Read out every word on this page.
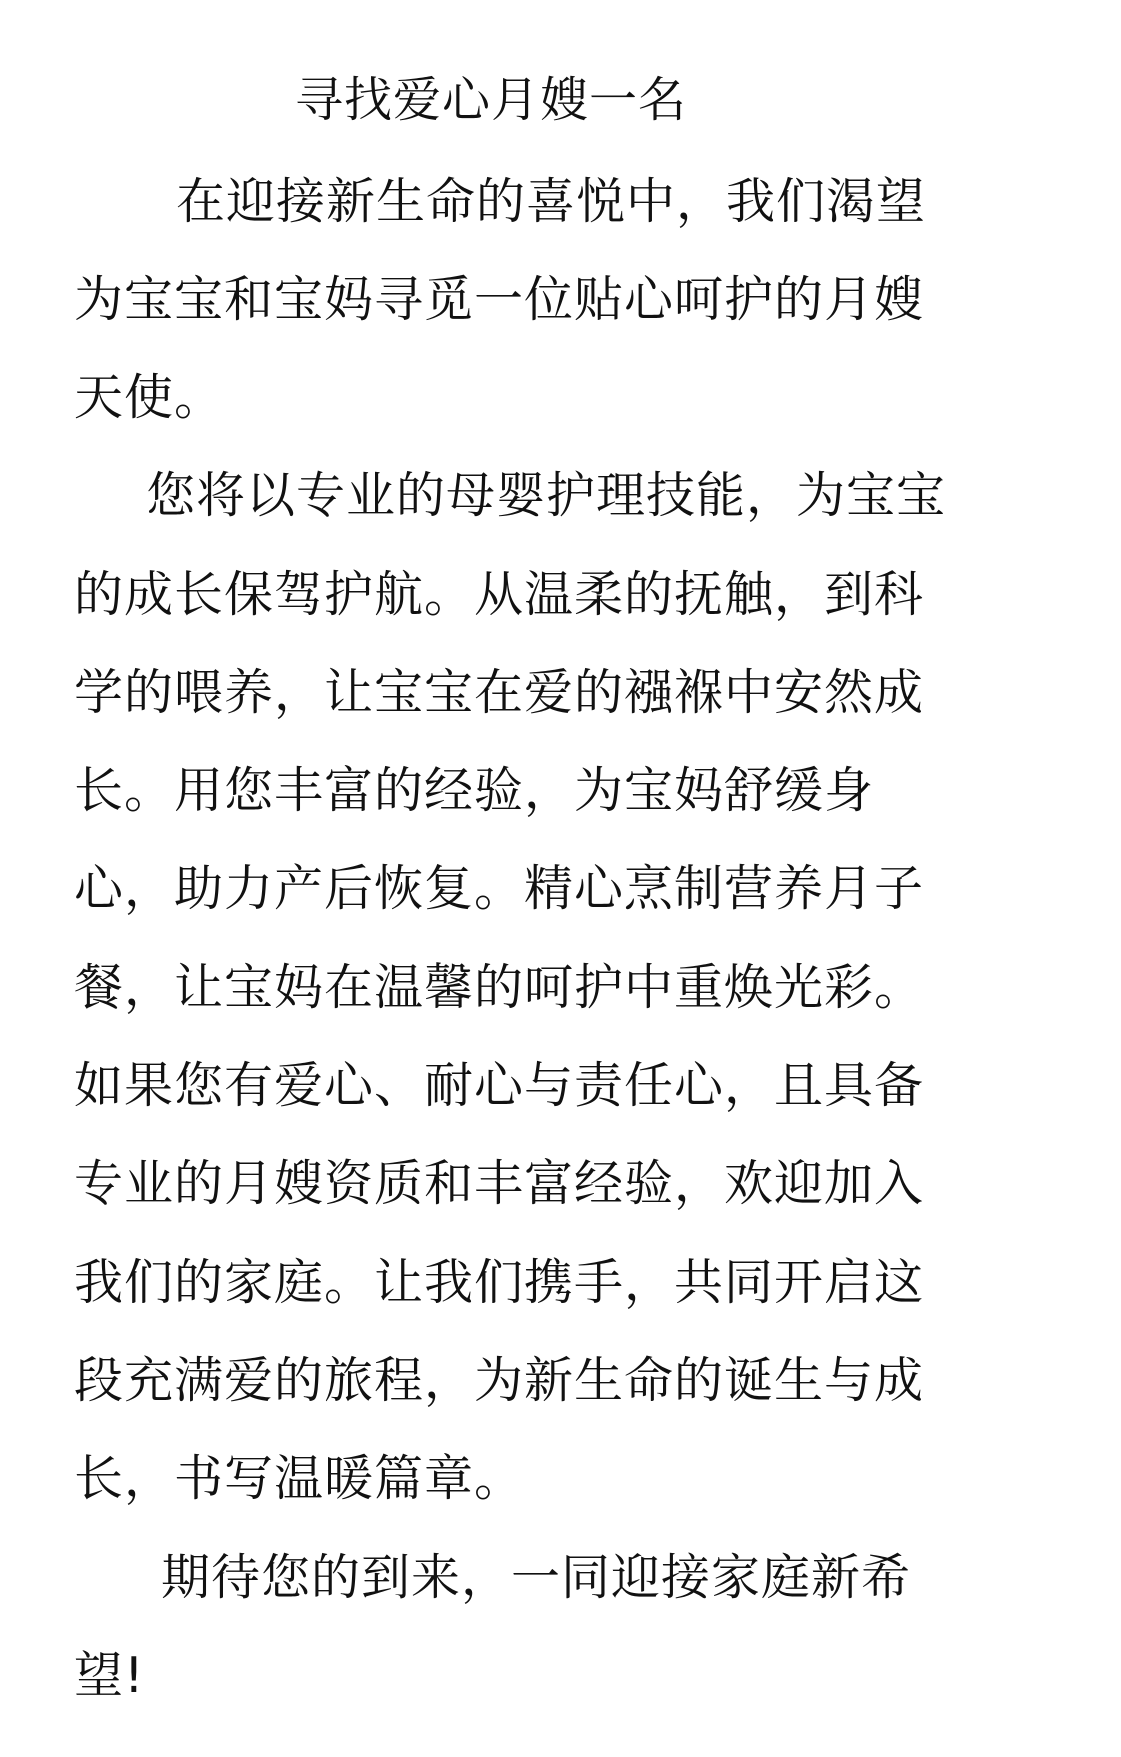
寻找爱心月嫂一名
在迎接新生命的喜悦中，我们渴望
为宝宝和宝妈寻觅一位贴心呵护的月嫂
天使。
您将以专业的母婴护理技能，为宝宝
的成长保驾护航。从温柔的抚触，到科
学的喂养，让宝宝在爱的襁褓中安然成
长。用您丰富的经验，为宝妈舒缓身
心，助力产后恢复。精心烹制营养月子
餐，让宝妈在温馨的呵护中重焕光彩。
如果您有爱心、耐心与责任心，且具备
专业的月嫂资质和丰富经验，欢迎加入
我们的家庭。让我们携手，共同开启这
段充满爱的旅程，为新生命的诞生与成
长，书写温暖篇章。
期待您的到来，一同迎接家庭新希
望!
